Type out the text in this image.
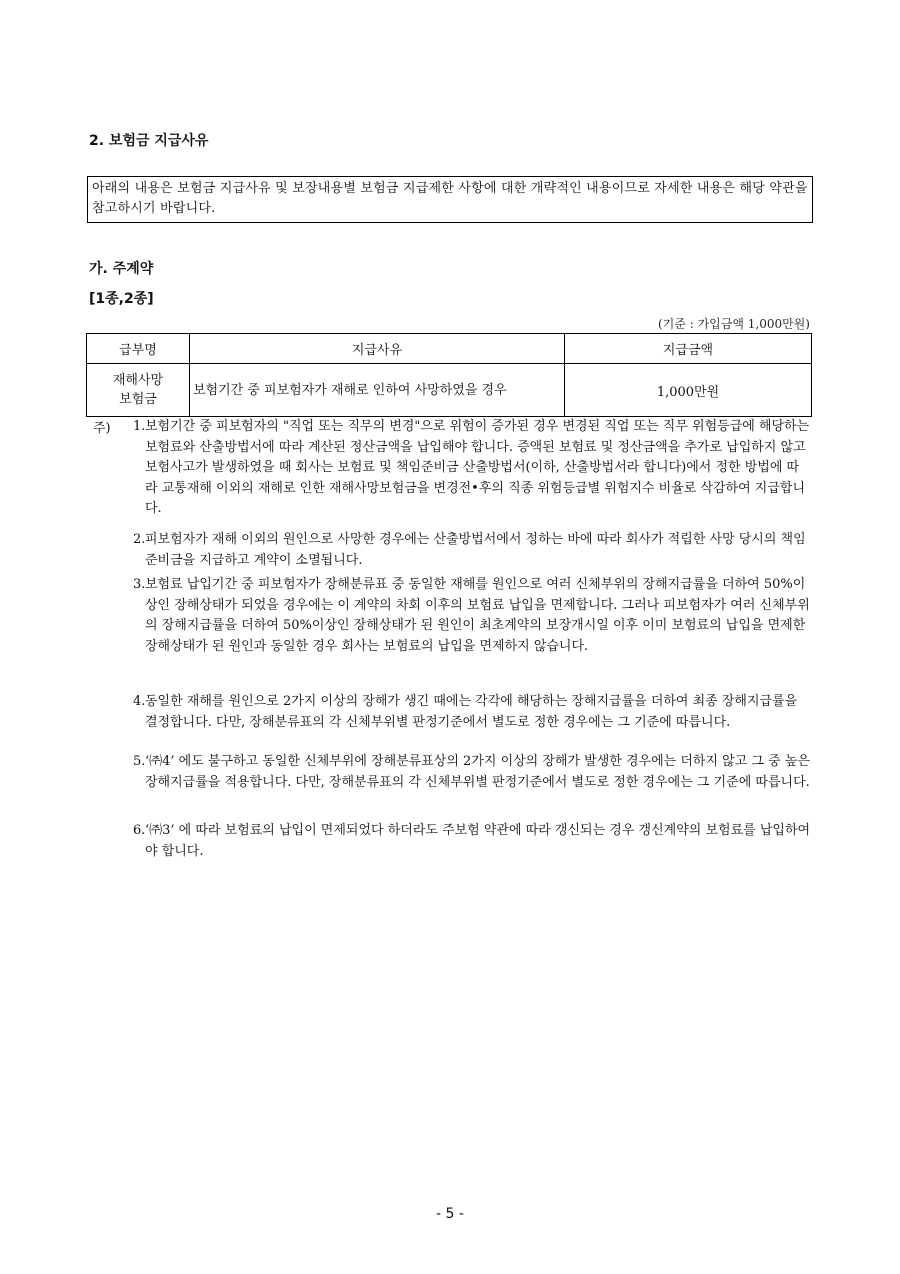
2. 보험금 지급사유
아래의 내용은 보험금 지급사유 및 보장내용별 보험금 지급제한 사항에 대한 개략적인 내용이므로 자세한 내용은 해당 약관을 참고하시기 바랍니다.
가. 주계약
[1종,2종]
(기준 : 가입금액 1,000만원)
급부명	지급사유	지급금액

재해사망
보험금	보험기간 중 피보험자가 재해로 인하여 사망하였을 경우	1,000만원
주) 1. 보험기간 중 피보험자의 "직업 또는 직무의 변경"으로 위험이 증가된 경우 변경된 직업 또는 직무 위험등급에 해당하는 보험료와 산출방법서에 따라 계산된 정산금액을 납입해야 합니다. 증액된 보험료 및 정산금액을 추가로 납입하지 않고 보험사고가 발생하였을 때 회사는 보험료 및 책임준비금 산출방법서(이하, 산출방법서라 합니다)에서 정한 방법에 따라 교통재해 이외의 재해로 인한 재해사망보험금을 변경전•후의 직종 위험등급별 위험지수 비율로 삭감하여 지급합니다.
2. 피보험자가 재해 이외의 원인으로 사망한 경우에는 산출방법서에서 정하는 바에 따라 회사가 적립한 사망 당시의 책임준비금을 지급하고 계약이 소멸됩니다.
3. 보험료 납입기간 중 피보험자가 장해분류표 중 동일한 재해를 원인으로 여러 신체부위의 장해지급률을 더하여 50%이상인 장해상태가 되었을 경우에는 이 계약의 차회 이후의 보험료 납입을 면제합니다. 그러나 피보험자가 여러 신체부위의 장해지급률을 더하여 50%이상인 장해상태가 된 원인이 최초계약의 보장개시일 이후 이미 보험료의 납입을 면제한 장해상태가 된 원인과 동일한 경우 회사는 보험료의 납입을 면제하지 않습니다.
4. 동일한 재해를 원인으로 2가지 이상의 장해가 생긴 때에는 각각에 해당하는 장해지급률을 더하여 최종 장해지급률을 결정합니다. 다만, 장해분류표의 각 신체부위별 판정기준에서 별도로 정한 경우에는 그 기준에 따릅니다.
5. ‘㈜4’ 에도 불구하고 동일한 신체부위에 장해분류표상의 2가지 이상의 장해가 발생한 경우에는 더하지 않고 그 중 높은 장해지급률을 적용합니다. 다만, 장해분류표의 각 신체부위별 판정기준에서 별도로 정한 경우에는 그 기준에 따릅니다.
6. ‘㈜3’ 에 따라 보험료의 납입이 면제되었다 하더라도 주보험 약관에 따라 갱신되는 경우 갱신계약의 보험료를 납입하여야 합니다.
- 5 -
